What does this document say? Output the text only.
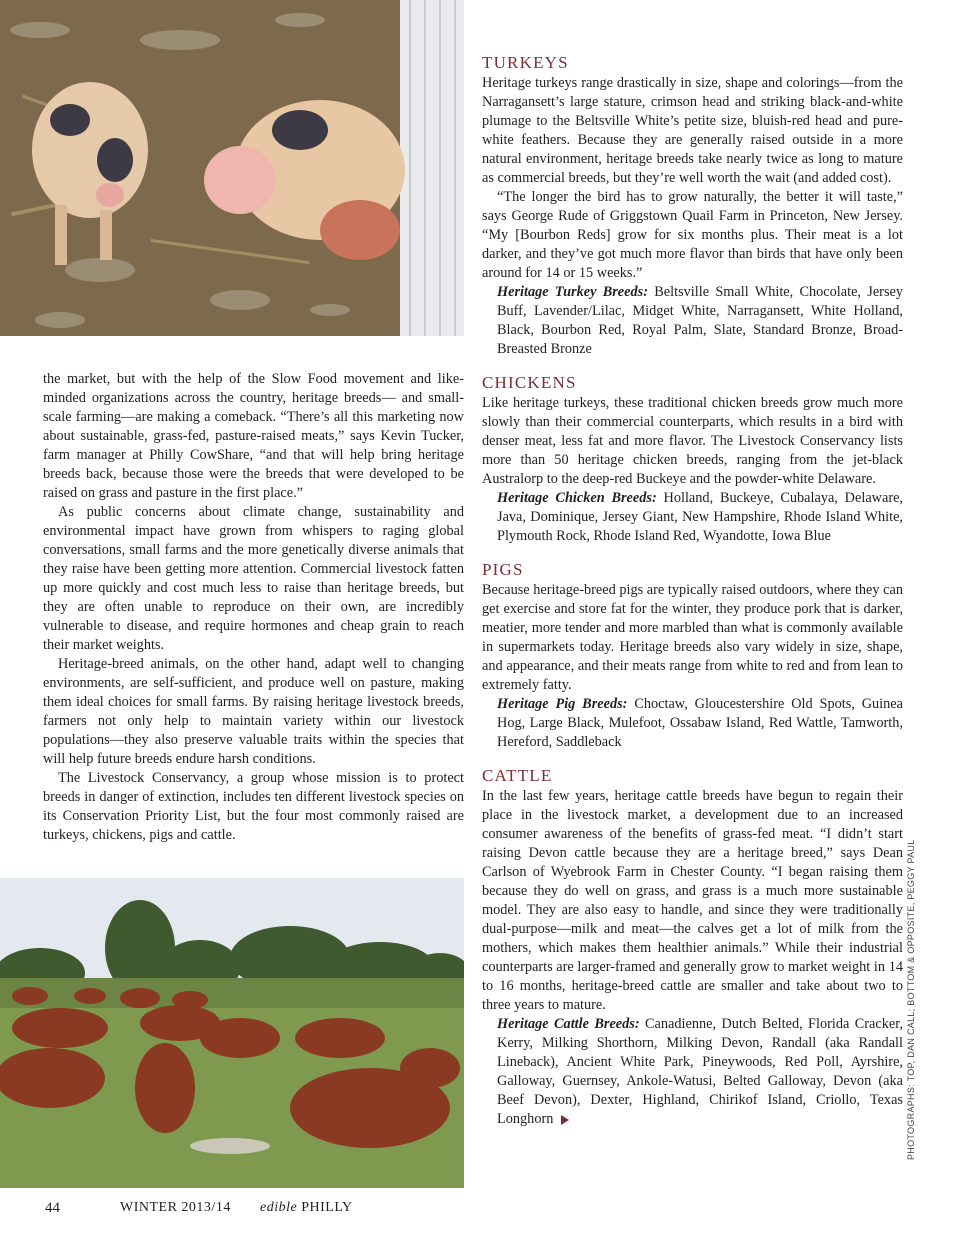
the market, but with the help of the Slow Food movement and like-minded organizations across the country, heritage breeds— and small-scale farming—are making a comeback. “There’s all this marketing now about sustainable, grass-fed, pasture-raised meats,” says Kevin Tucker, farm manager at Philly CowShare, “and that will help bring heritage breeds back, because those were the breeds that were developed to be raised on grass and pasture in the first place.”

As public concerns about climate change, sustainability and environmental impact have grown from whispers to raging global conversations, small farms and the more genetically diverse animals that they raise have been getting more attention. Commercial livestock fatten up more quickly and cost much less to raise than heritage breeds, but they are often unable to reproduce on their own, are incredibly vulnerable to disease, and require hormones and cheap grain to reach their market weights.

Heritage-breed animals, on the other hand, adapt well to changing environments, are self-sufficient, and produce well on pasture, making them ideal choices for small farms. By raising heritage livestock breeds, farmers not only help to maintain variety within our livestock populations—they also preserve valuable traits within the species that will help future breeds endure harsh conditions.

The Livestock Conservancy, a group whose mission is to protect breeds in danger of extinction, includes ten different livestock species on its Conservation Priority List, but the four most commonly raised are turkeys, chickens, pigs and cattle.

TURKEYS

Heritage turkeys range drastically in size, shape and colorings—from the Narragansett’s large stature, crimson head and striking black-and-white plumage to the Beltsville White’s petite size, bluish-red head and pure-white feathers. Because they are generally raised outside in a more natural environment, heritage breeds take nearly twice as long to mature as commercial breeds, but they’re well worth the wait (and added cost).

“The longer the bird has to grow naturally, the better it will taste,” says George Rude of Griggstown Quail Farm in Princeton, New Jersey. “My [Bourbon Reds] grow for six months plus. Their meat is a lot darker, and they’ve got much more flavor than birds that have only been around for 14 or 15 weeks.”

Heritage Turkey Breeds: Beltsville Small White, Chocolate, Jersey Buff, Lavender/Lilac, Midget White, Narragansett, White Holland, Black, Bourbon Red, Royal Palm, Slate, Standard Bronze, Broad-Breasted Bronze

CHICKENS

Like heritage turkeys, these traditional chicken breeds grow much more slowly than their commercial counterparts, which results in a bird with denser meat, less fat and more flavor. The Livestock Conservancy lists more than 50 heritage chicken breeds, ranging from the jet-black Australorp to the deep-red Buckeye and the powder-white Delaware.

Heritage Chicken Breeds: Holland, Buckeye, Cubalaya, Delaware, Java, Dominique, Jersey Giant, New Hampshire, Rhode Island White, Plymouth Rock, Rhode Island Red, Wyandotte, Iowa Blue

PIGS

Because heritage-breed pigs are typically raised outdoors, where they can get exercise and store fat for the winter, they produce pork that is darker, meatier, more tender and more marbled than what is commonly available in supermarkets today. Heritage breeds also vary widely in size, shape, and appearance, and their meats range from white to red and from lean to extremely fatty.

Heritage Pig Breeds: Choctaw, Gloucestershire Old Spots, Guinea Hog, Large Black, Mulefoot, Ossabaw Island, Red Wattle, Tamworth, Hereford, Saddleback

CATTLE

In the last few years, heritage cattle breeds have begun to regain their place in the livestock market, a development due to an increased consumer awareness of the benefits of grass-fed meat. “I didn’t start raising Devon cattle because they are a heritage breed,” says Dean Carlson of Wyebrook Farm in Chester County. “I began raising them because they do well on grass, and grass is a much more sustainable model. They are also easy to handle, and since they were traditionally dual-purpose—milk and meat—the calves get a lot of milk from the mothers, which makes them healthier animals.” While their industrial counterparts are larger-framed and generally grow to market weight in 14 to 16 months, heritage-breed cattle are smaller and take about two to three years to mature.

Heritage Cattle Breeds: Canadienne, Dutch Belted, Florida Cracker, Kerry, Milking Shorthorn, Milking Devon, Randall (aka Randall Lineback), Ancient White Park, Pineywoods, Red Poll, Ayrshire, Galloway, Guernsey, Ankole-Watusi, Belted Galloway, Devon (aka Beef Devon), Dexter, Highland, Chirikof Island, Criollo, Texas Longhorn	PHOTOGRAPHS: TOP, DAN CALL; BOTTOM & OPPOSITE, PEGGY PAUL
44	WINTER 2013/14 edible PHILLY
